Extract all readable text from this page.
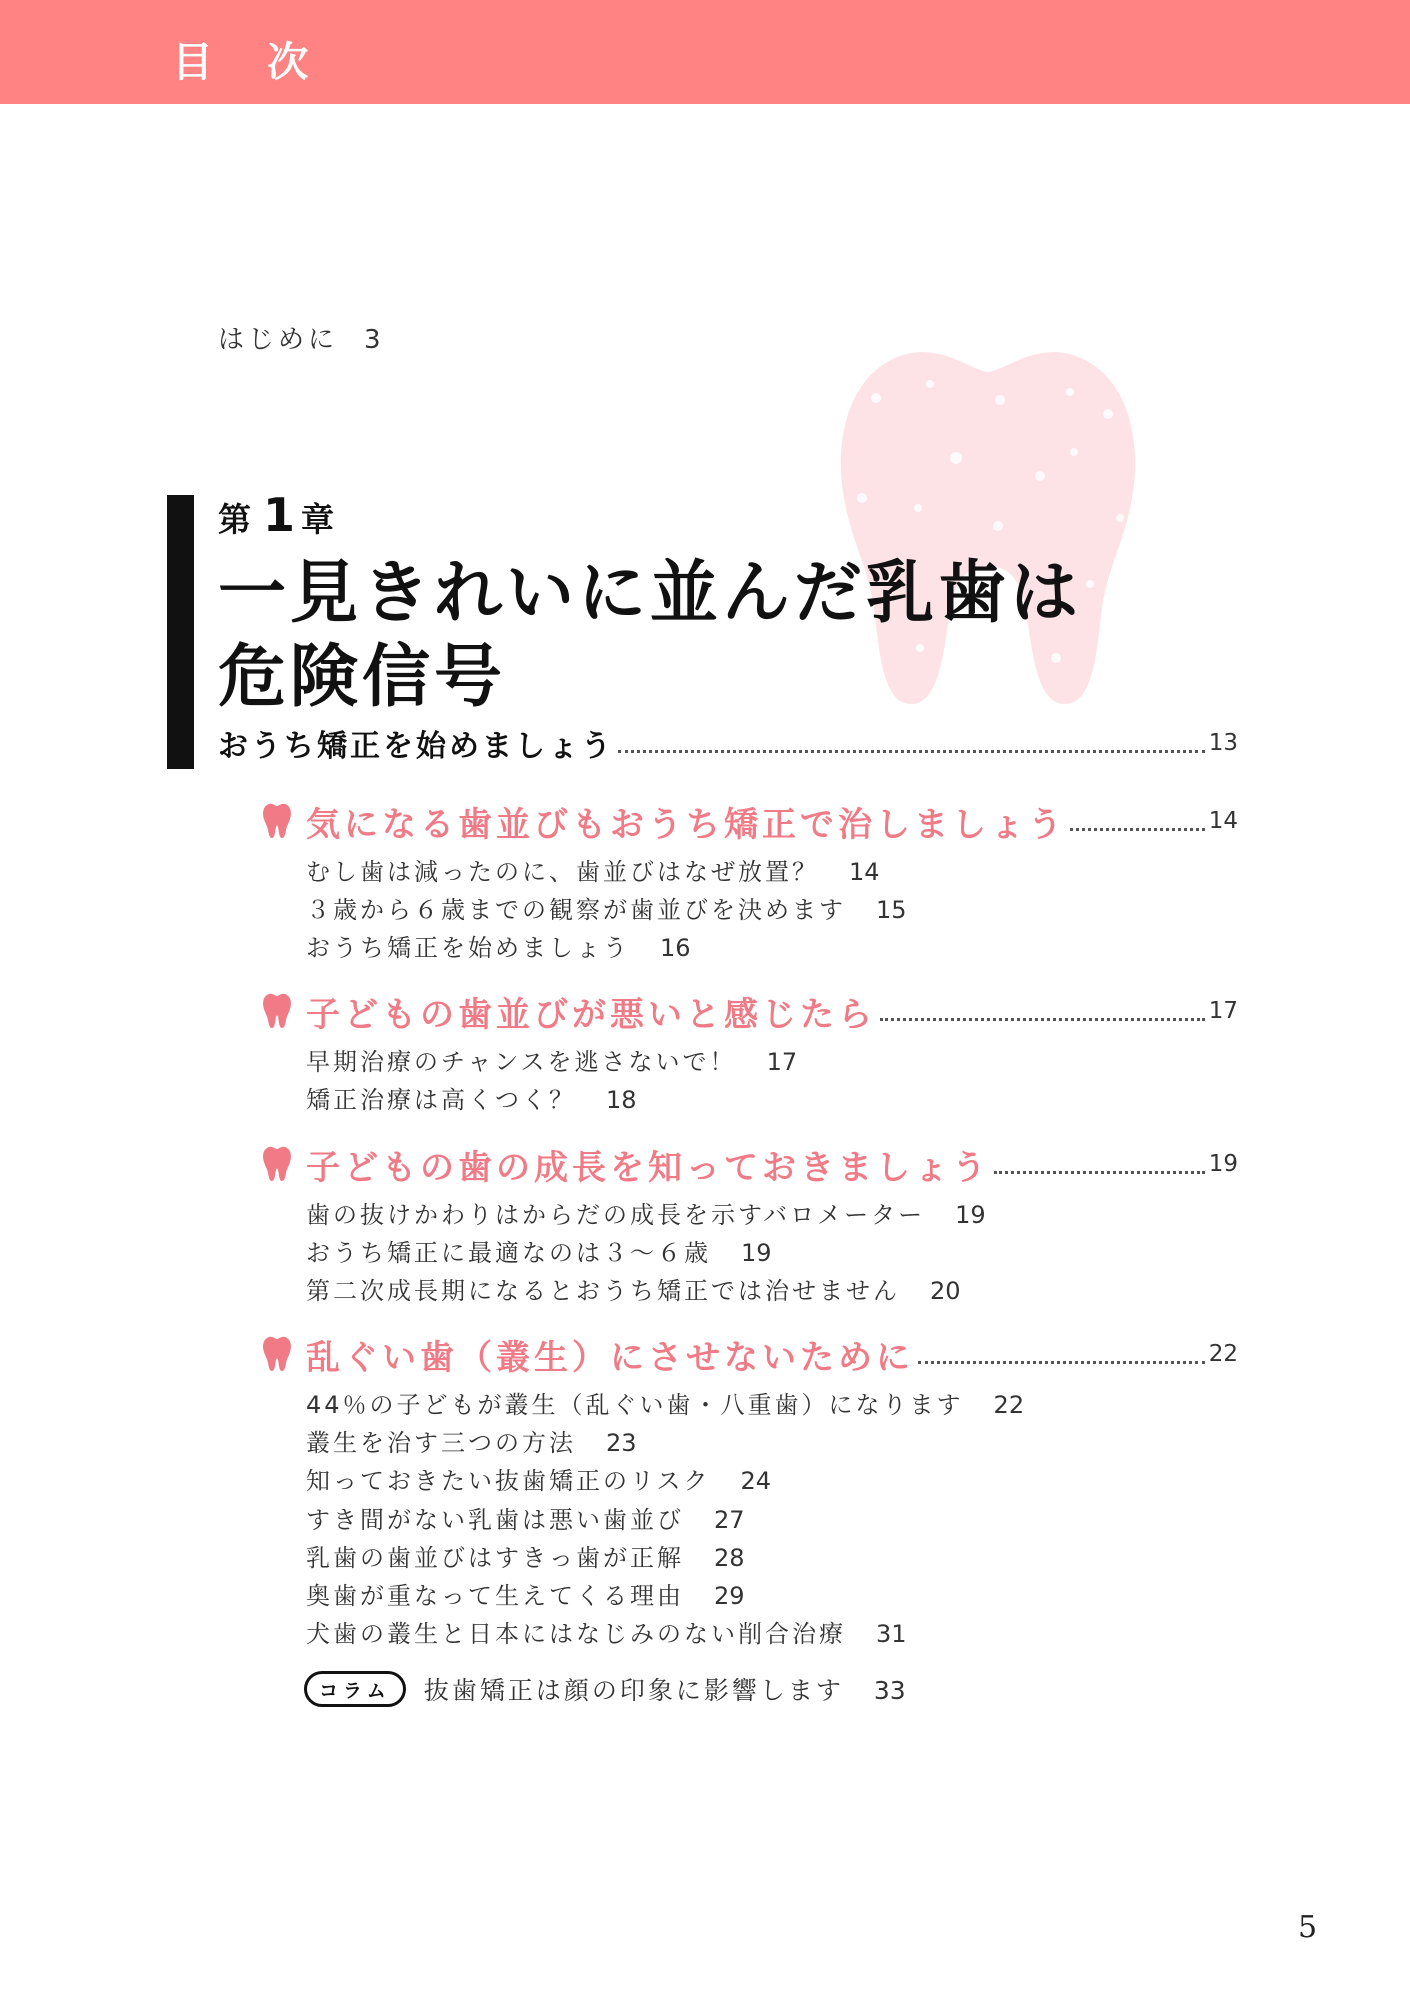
目 次

はじめに 3

第 1 章

一見きれいに並んだ乳歯は
危険信号
おうち矯正を始めましょう	13
気になる歯並びもおうち矯正で治しましょう	14
むし歯は減ったのに、歯並びはなぜ放置？ 14
３歳から６歳までの観察が歯並びを決めます 15
おうち矯正を始めましょう 16
子どもの歯並びが悪いと感じたら	17
早期治療のチャンスを逃さないで！ 17
矯正治療は高くつく？ 18
子どもの歯の成長を知っておきましょう	19
歯の抜けかわりはからだの成長を示すバロメーター 19
おうち矯正に最適なのは３〜６歳 19
第二次成長期になるとおうち矯正では治せません 20
乱ぐい歯（叢生）にさせないために	22
44％の子どもが叢生（乱ぐい歯・八重歯）になります 22
叢生を治す三つの方法 23
知っておきたい抜歯矯正のリスク 24
すき間がない乳歯は悪い歯並び 27
乳歯の歯並びはすきっ歯が正解 28
奥歯が重なって生えてくる理由 29
犬歯の叢生と日本にはなじみのない削合治療 31
コラム	抜歯矯正は顔の印象に影響します 33

5
